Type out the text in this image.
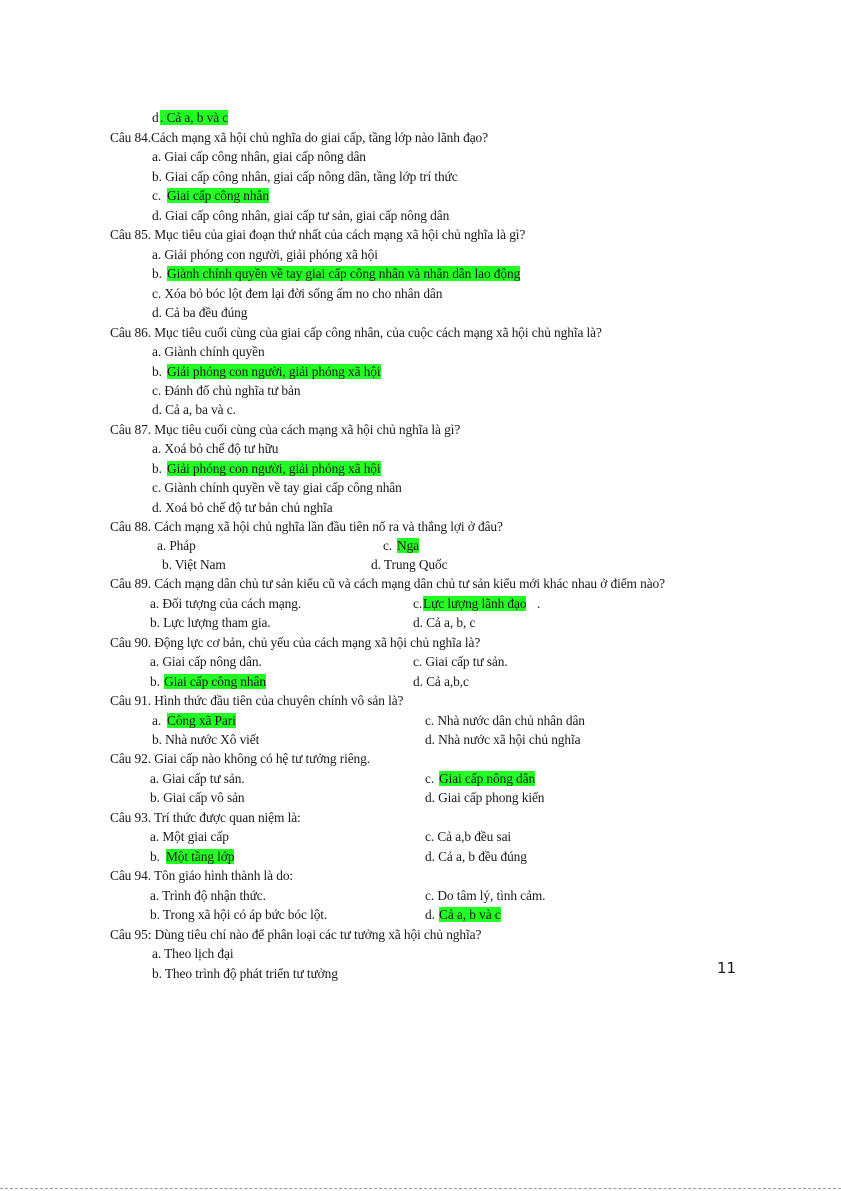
d . Cả a, b và c
Câu 84.Cách mạng xã hội chủ nghĩa do giai cấp, tầng lớp nào lãnh đạo?
a. Giai cấp công nhân, giai cấp nông dân
b. Giai cấp công nhân, giai cấp nông dân, tầng lớp trí thức
c. Giai cấp công nhân
d. Giai cấp công nhân, giai cấp tư sản, giai cấp nông dân
Câu 85. Mục tiêu của giai đoạn thứ nhất của cách mạng xã hội chủ nghĩa là gì?
a. Giải phóng con người, giải phóng xã hội
b. Giành chính quyền về tay giai cấp công nhân và nhân dân lao động
c. Xóa bỏ bóc lột đem lại đời sống ấm no cho nhân dân
d. Cả ba đều đúng
Câu 86. Mục tiêu cuối cùng của giai cấp công nhân, của cuộc cách mạng xã hội chủ nghĩa là?
a. Giành chính quyền
b. Giải phóng con người, giải phóng xã hội
c. Đánh đổ chủ nghĩa tư bản
d. Cả a, ba và c.
Câu 87. Mục tiêu cuối cùng của cách mạng xã hội chủ nghĩa là gì?
a. Xoá bỏ chế độ tư hữu
b. Giải phóng con người, giải phóng xã hội
c. Giành chính quyền về tay giai cấp công nhân
d. Xoá bỏ chế độ tư bản chủ nghĩa
Câu 88. Cách mạng xã hội chủ nghĩa lần đầu tiên nổ ra và thắng lợi ở đâu?
a. Pháp	c. Nga
b. Việt Nam	d. Trung Quốc
Câu 89. Cách mạng dân chủ tư sản kiểu cũ và cách mạng dân chủ tư sản kiểu mới khác nhau ở điểm nào?
a. Đối tượng của cách mạng.	c. Lực lượng lãnh đạo .
b. Lực lượng tham gia.	d. Cả a, b, c
Câu 90. Động lực cơ bản, chủ yếu của cách mạng xã hội chủ nghĩa là?
a. Giai cấp nông dân.	c. Giai cấp tư sản.
b. Giai cấp công nhân	d. Cả a,b,c
Câu 91. Hình thức đầu tiên của chuyên chính vô sản là?
a. Công xã Pari	c. Nhà nước dân chủ nhân dân
b. Nhà nước Xô viết	d. Nhà nước xã hội chủ nghĩa
Câu 92. Giai cấp nào không có hệ tư tưởng riêng.
a. Giai cấp tư sản.	c. Giai cấp nông dân
b. Giai cấp vô sản	d. Giai cấp phong kiến
Câu 93. Trí thức được quan niệm là:
a. Một giai cấp	c. Cả a,b đều sai
b. Một tầng lớp	d. Cả a, b đều đúng
Câu 94. Tôn giáo hình thành là do:
a. Trình độ nhận thức.	c. Do tâm lý, tình cảm.
b. Trong xã hội có áp bức bóc lột.	d. Cả a, b và c
Câu 95: Dùng tiêu chí nào để phân loại các tư tưởng xã hội chủ nghĩa?
a. Theo lịch đại
b. Theo trình độ phát triển tư tưởng	11
